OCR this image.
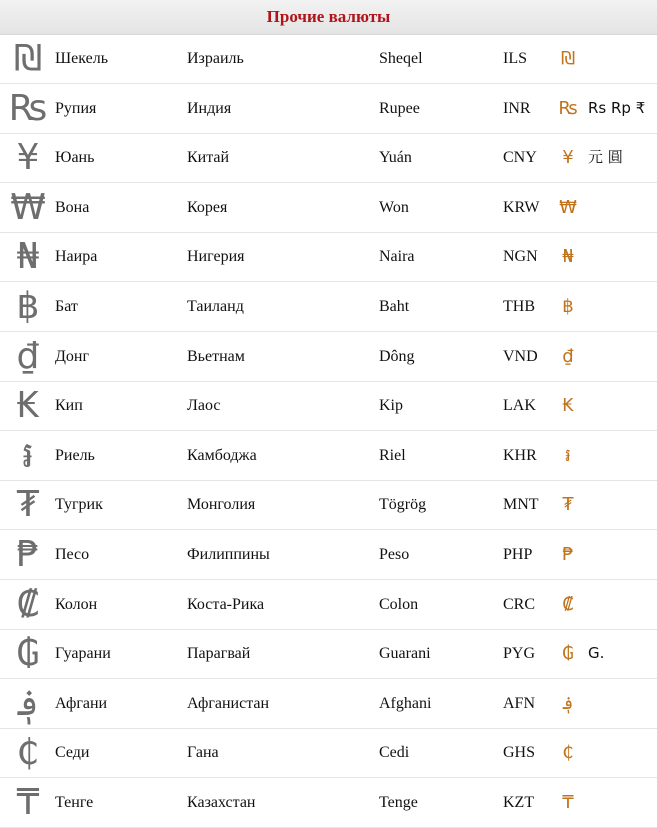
Прочие валюты
₪ Шекель	Израиль	Sheqel	ILS ₪
₨ Рупия	Индия	Rupee	INR ₨ Rs Rp ₹
¥ Юань	Китай	Yuán	CNY	¥ 元 圓
₩ Вона	Корея	Won	KRW ₩
₦ Наира	Нигерия	Naira	NGN	₦
฿ Бат	Таиланд	Baht	THB	฿
₫ Донг	Вьетнам	Dông	VND	₫
₭ Кип	Лаос	Kip	LAK	₭
៛	Риель	Камбоджа	Riel	KHR	៛
₮ Тугрик	Монголия	Tögrög	MNT	₮
₱ Песо	Филиппины	Peso	PHP	₱
₡ Колон	Коста-Рика	Colon	CRC	₡
₲ Гуарани	Парагвай	Guarani	PYG	₲ G.
؋	Афгани	Афганистан	Afghani	AFN	؋
₵ Седи	Гана	Cedi	GHS	₵
₸ Тенге	Казахстан	Tenge	KZT	₸
